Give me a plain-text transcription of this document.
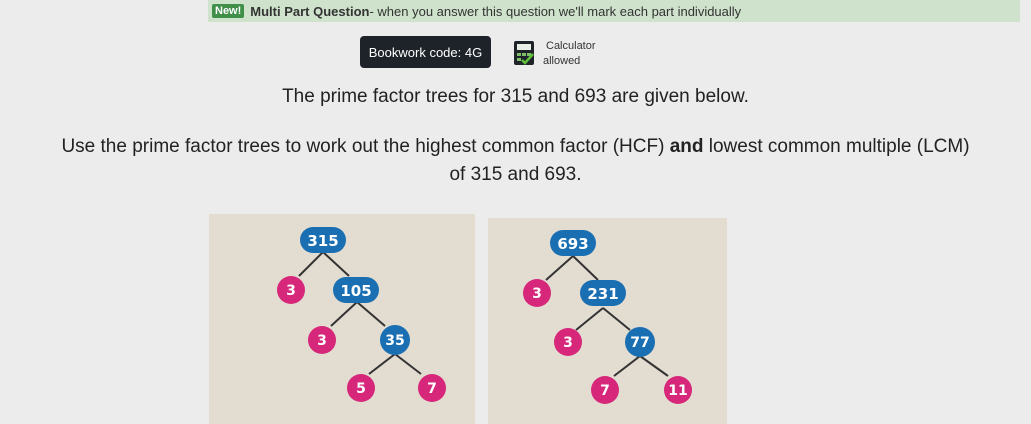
New! Multi Part Question - when you answer this question we'll mark each part individually
Bookwork code: 4G	Calculator
allowed
The prime factor trees for 315 and 693 are given below.
Use the prime factor trees to work out the highest common factor (HCF) and lowest common multiple (LCM)
of 315 and 693.
315
3	105
3	35
5	7
693
3	231
3	77
7	11
